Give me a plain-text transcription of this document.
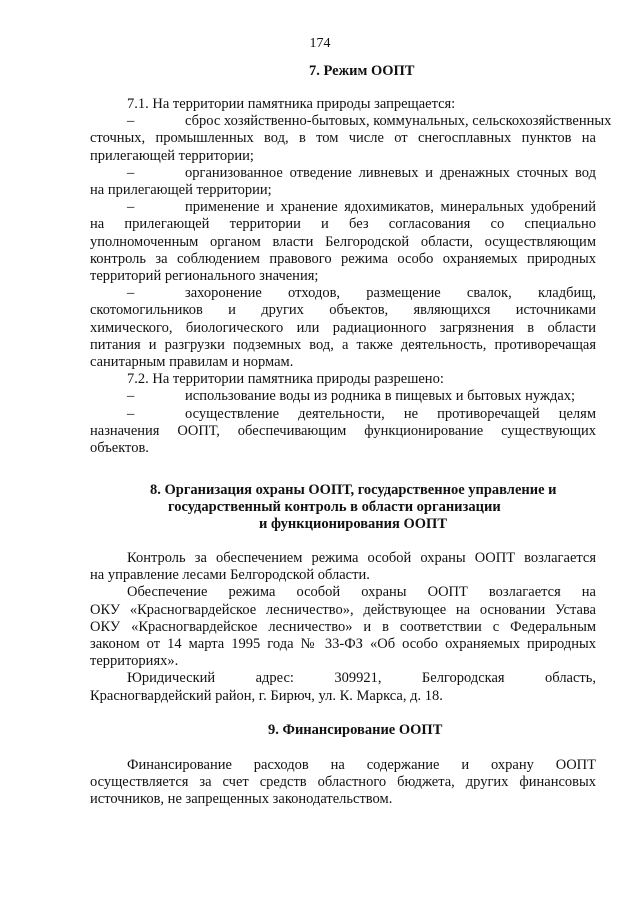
174
7. Режим ООПТ
7.1. На территории памятника природы запрещается:
–	сброс хозяйственно-бытовых, коммунальных, сельскохозяйственных
сточных, промышленных вод, в том числе от снегосплавных пунктов на
прилегающей территории;
–	организованное отведение ливневых и дренажных сточных вод
на прилегающей территории;
–	применение и хранение ядохимикатов, минеральных удобрений
на прилегающей территории и без согласования со специально
уполномоченным органом власти Белгородской области, осуществляющим
контроль за соблюдением правового режима особо охраняемых природных
территорий регионального значения;
–	захоронение отходов, размещение свалок, кладбищ,
скотомогильников и других объектов, являющихся источниками
химического, биологического или радиационного загрязнения в области
питания и разгрузки подземных вод, а также деятельность, противоречащая
санитарным правилам и нормам.
7.2. На территории памятника природы разрешено:
–	использование воды из родника в пищевых и бытовых нуждах;
–	осуществление деятельности, не противоречащей целям
назначения ООПТ, обеспечивающим функционирование существующих
объектов.
8. Организация охраны ООПТ, государственное управление и
государственный контроль в области организации
и функционирования ООПТ
Контроль за обеспечением режима особой охраны ООПТ возлагается
на управление лесами Белгородской области.
Обеспечение режима особой охраны ООПТ возлагается на
ОКУ «Красногвардейское лесничество», действующее на основании Устава
ОКУ «Красногвардейское лесничество» и в соответствии с Федеральным
законом от 14 марта 1995 года № 33-ФЗ «Об особо охраняемых природных
территориях».
Юридический адрес: 309921, Белгородская область,
Красногвардейский район, г. Бирюч, ул. К. Маркса, д. 18.
9. Финансирование ООПТ
Финансирование расходов на содержание и охрану ООПТ
осуществляется за счет средств областного бюджета, других финансовых
источников, не запрещенных законодательством.
